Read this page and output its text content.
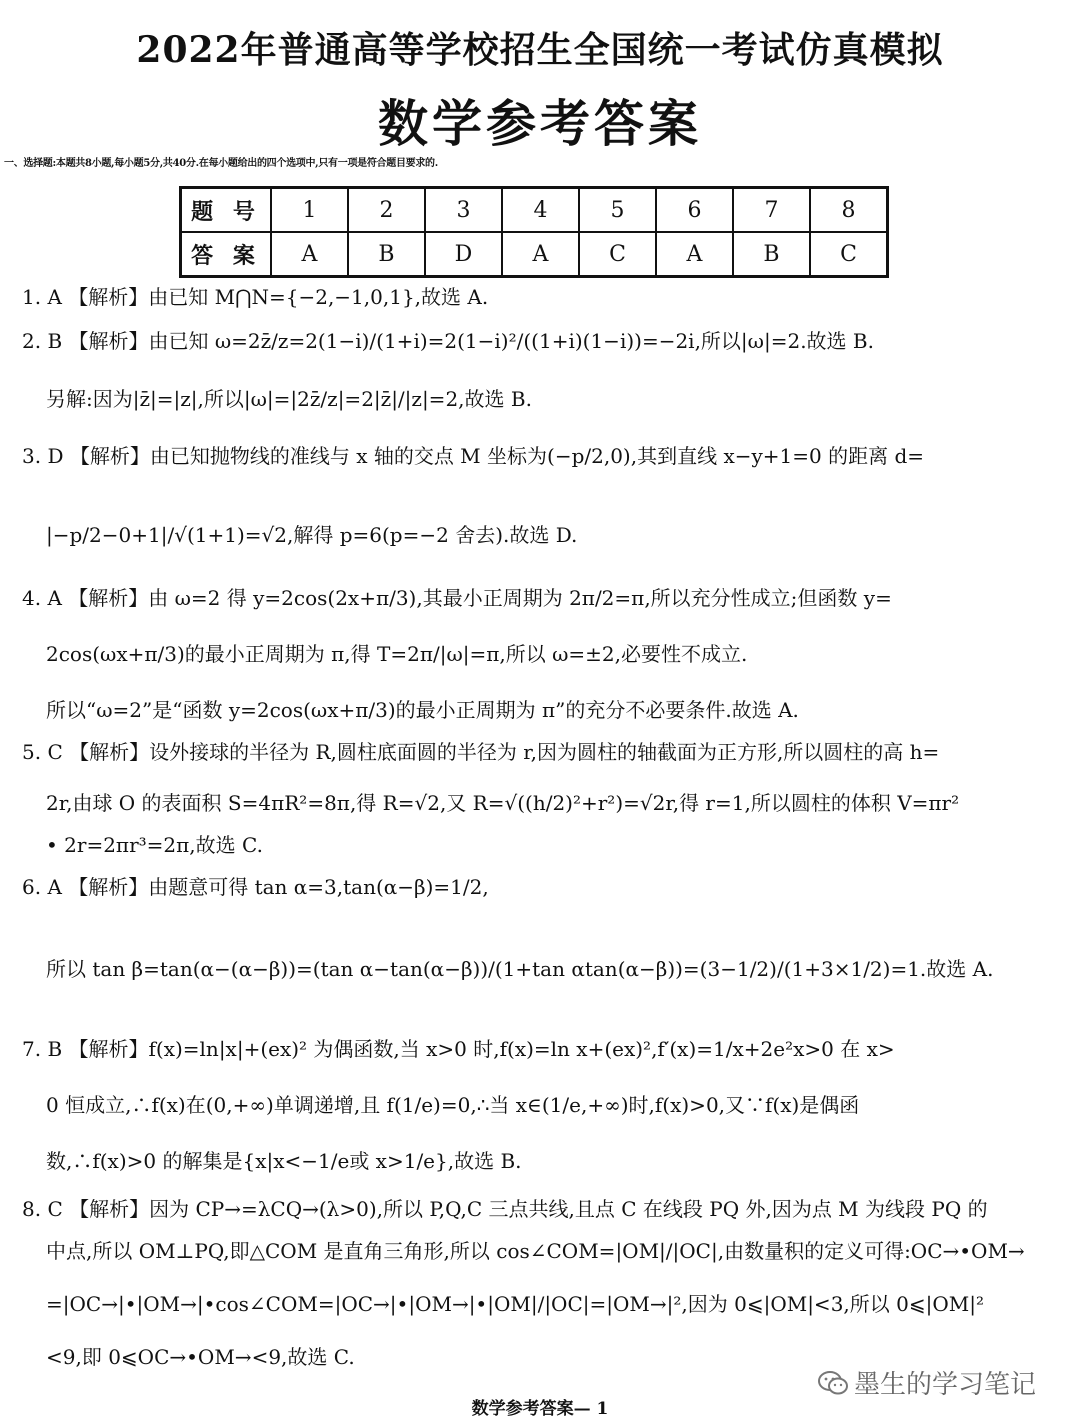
2022年普通高等学校招生全国统一考试仿真模拟
数学参考答案
一、选择题:本题共8小题,每小题5分,共40分.在每小题给出的四个选项中,只有一项是符合题目要求的.
题 号	1	2	3	4	5	6	7	8
答 案	A	B	D	A	C	A	B	C
1. A 【解析】由已知 M⋂N={−2,−1,0,1},故选 A.
2. B 【解析】由已知 ω=2z̄/z=2(1−i)/(1+i)=2(1−i)²/((1+i)(1−i))=−2i,所以|ω|=2.故选 B.
另解:因为|z̄|=|z|,所以|ω|=|2z̄/z|=2|z̄|/|z|=2,故选 B.
3. D 【解析】由已知抛物线的准线与 x 轴的交点 M 坐标为(−p/2,0),其到直线 x−y+1=0 的距离 d=
|−p/2−0+1|/√(1+1)=√2,解得 p=6(p=−2 舍去).故选 D.
4. A 【解析】由 ω=2 得 y=2cos(2x+π/3),其最小正周期为 2π/2=π,所以充分性成立;但函数 y=
2cos(ωx+π/3)的最小正周期为 π,得 T=2π/|ω|=π,所以 ω=±2,必要性不成立.
所以“ω=2”是“函数 y=2cos(ωx+π/3)的最小正周期为 π”的充分不必要条件.故选 A.
5. C 【解析】设外接球的半径为 R,圆柱底面圆的半径为 r,因为圆柱的轴截面为正方形,所以圆柱的高 h=
2r,由球 O 的表面积 S=4πR²=8π,得 R=√2,又 R=√((h/2)²+r²)=√2r,得 r=1,所以圆柱的体积 V=πr²
• 2r=2πr³=2π,故选 C.
6. A 【解析】由题意可得 tan α=3,tan(α−β)=1/2,
所以 tan β=tan(α−(α−β))=(tan α−tan(α−β))/(1+tan αtan(α−β))=(3−1/2)/(1+3×1/2)=1.故选 A.
7. B 【解析】f(x)=ln|x|+(ex)² 为偶函数,当 x>0 时,f(x)=ln x+(ex)²,f′(x)=1/x+2e²x>0 在 x>
0 恒成立,∴f(x)在(0,+∞)单调递增,且 f(1/e)=0,∴当 x∈(1/e,+∞)时,f(x)>0,又∵f(x)是偶函
数,∴f(x)>0 的解集是{x|x<−1/e或 x>1/e},故选 B.
8. C 【解析】因为 CP→=λCQ→(λ>0),所以 P,Q,C 三点共线,且点 C 在线段 PQ 外,因为点 M 为线段 PQ 的
中点,所以 OM⊥PQ,即△COM 是直角三角形,所以 cos∠COM=|OM|/|OC|,由数量积的定义可得:OC→•OM→
=|OC→|•|OM→|•cos∠COM=|OC→|•|OM→|•|OM|/|OC|=|OM→|²,因为 0⩽|OM|<3,所以 0⩽|OM|²
<9,即 0⩽OC→•OM→<9,故选 C.
数学参考答案— 1
墨生的学习笔记
